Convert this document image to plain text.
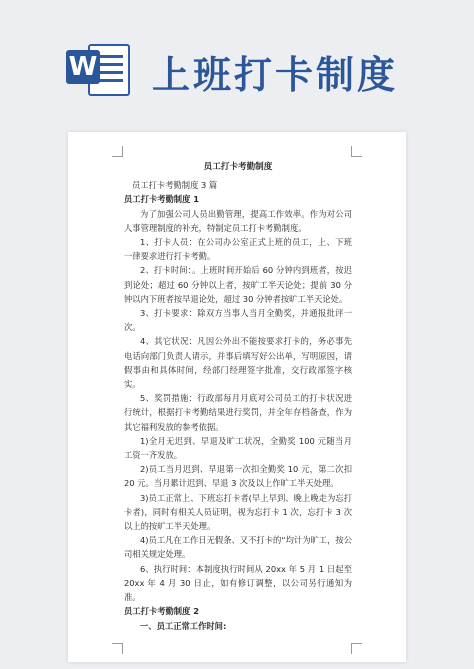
W 上班打卡制度

员工打卡考勤制度

员工打卡考勤制度 3 篇

员工打卡考勤制度 1

为了加强公司人员出勤管理，提高工作效率。作为对公司人事管理制度的补充，特制定员工打卡考勤制度。

1、打卡人员：在公司办公室正式上班的员工，上、下班一律要求进行打卡考勤。

2、打卡时间：。上班时间开始后 60 分钟内到班者，按迟到论处；超过 60 分钟以上者，按旷工半天论处；提前 30 分钟以内下班者按早退论处，超过 30 分钟者按旷工半天论处。

3、打卡要求：除双方当事人当月全勤奖，并通报批评一次。

4、其它状况：凡因公外出不能按要求打卡的，务必事先电话向部门负责人请示，并事后填写好公出单，写明原因，请假事由和具体时间，经部门经理签字批准，交行政部签字核实。

5、奖罚措施：行政部每月月底对公司员工的打卡状况进行统计，根据打卡考勤结果进行奖罚，并全年存档备查，作为其它福利发放的参考依据。

1)全月无迟到、早退及旷工状况，全勤奖 100 元随当月工资一齐发放。

2)员工当月迟到、早退第一次扣全勤奖 10 元，第二次扣 20 元。当月累计迟到、早退 3 次及以上作旷工半天处理。

3)员工正常上、下班忘打卡者(早上早到、晚上晚走为忘打卡者)，同时有相关人员证明，视为忘打卡 1 次，忘打卡 3 次以上的按旷工半天处理。

4)员工凡在工作日无假条、又不打卡的“均计为旷工，按公司相关规定处理。

6、执行时间：本制度执行时间从 20xx 年 5 月 1 日起至 20xx 年 4 月 30 日止，如有修订调整，以公司另行通知为准。

员工打卡考勤制度 2

一、员工正常工作时间:
